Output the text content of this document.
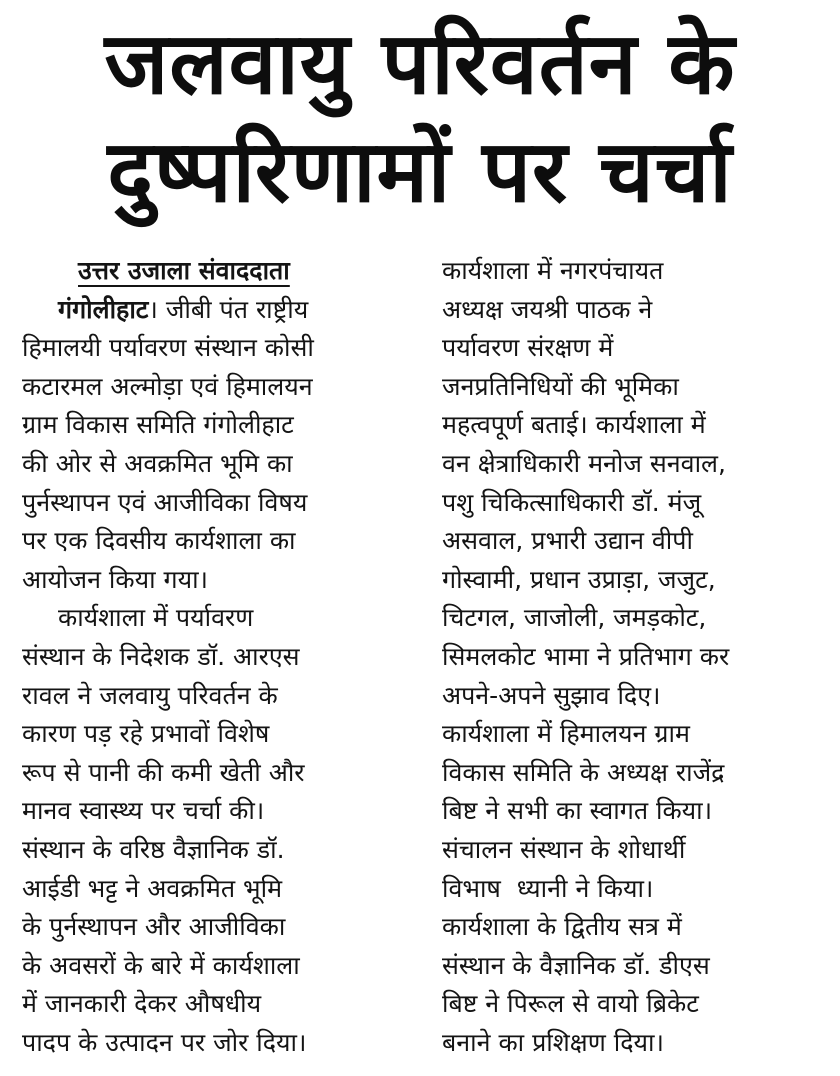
जलवायु परिवर्तन के
दुष्परिणामों पर चर्चा
उत्तर उजाला संवाददाता
गंगोलीहाट। जीबी पंत राष्ट्रीय
हिमालयी पर्यावरण संस्थान कोसी
कटारमल अल्मोड़ा एवं हिमालयन
ग्राम विकास समिति गंगोलीहाट
की ओर से अवक्रमित भूमि का
पुर्नस्थापन एवं आजीविका विषय
पर एक दिवसीय कार्यशाला का
आयोजन किया गया।
कार्यशाला में पर्यावरण
संस्थान के निदेशक डॉ. आरएस
रावल ने जलवायु परिवर्तन के
कारण पड़ रहे प्रभावों विशेष
रूप से पानी की कमी खेती और
मानव स्वास्थ्य पर चर्चा की।
संस्थान के वरिष्ठ वैज्ञानिक डॉ.
आईडी भट्ट ने अवक्रमित भूमि
के पुर्नस्थापन और आजीविका
के अवसरों के बारे में कार्यशाला
में जानकारी देकर औषधीय
पादप के उत्पादन पर जोर दिया।
कार्यशाला में नगरपंचायत
अध्यक्ष जयश्री पाठक ने
पर्यावरण संरक्षण में
जनप्रतिनिधियों की भूमिका
महत्वपूर्ण बताई। कार्यशाला में
वन क्षेत्राधिकारी मनोज सनवाल,
पशु चिकित्साधिकारी डॉ. मंजू
असवाल, प्रभारी उद्यान वीपी
गोस्वामी, प्रधान उप्राड़ा, जजुट,
चिटगल, जाजोली, जमड़कोट,
सिमलकोट भामा ने प्रतिभाग कर
अपने-अपने सुझाव दिए।
कार्यशाला में हिमालयन ग्राम
विकास समिति के अध्यक्ष राजेंद्र
बिष्ट ने सभी का स्वागत किया।
संचालन संस्थान के शोधार्थी
विभाष  ध्यानी ने किया।
कार्यशाला के द्वितीय सत्र में
संस्थान के वैज्ञानिक डॉ. डीएस
बिष्ट ने पिरूल से वायो ब्रिकेट
बनाने का प्रशिक्षण दिया।
